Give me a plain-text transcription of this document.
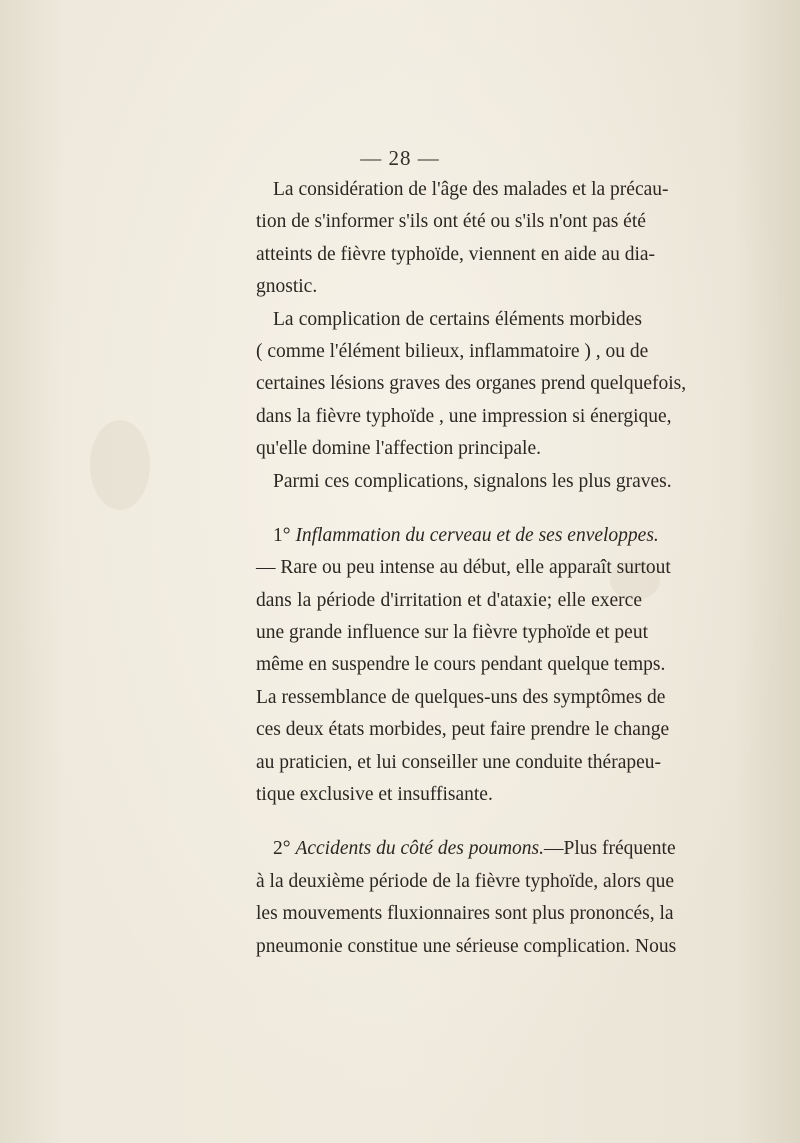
— 28 —
La considération de l'âge des malades et la précau-
tion de s'informer s'ils ont été ou s'ils n'ont pas été
atteints de fièvre typhoïde, viennent en aide au dia-
gnostic.
La complication de certains éléments morbides
( comme l'élément bilieux, inflammatoire ) , ou de
certaines lésions graves des organes prend quelquefois,
dans la fièvre typhoïde , une impression si énergique,
qu'elle domine l'affection principale.
Parmi ces complications, signalons les plus graves.
1° Inflammation du cerveau et de ses enveloppes.
— Rare ou peu intense au début, elle apparaît surtout
dans la période d'irritation et d'ataxie; elle exerce
une grande influence sur la fièvre typhoïde et peut
même en suspendre le cours pendant quelque temps.
La ressemblance de quelques-uns des symptômes de
ces deux états morbides, peut faire prendre le change
au praticien, et lui conseiller une conduite thérapeu-
tique exclusive et insuffisante.
2° Accidents du côté des poumons.—Plus fréquente
à la deuxième période de la fièvre typhoïde, alors que
les mouvements fluxionnaires sont plus prononcés, la
pneumonie constitue une sérieuse complication. Nous
